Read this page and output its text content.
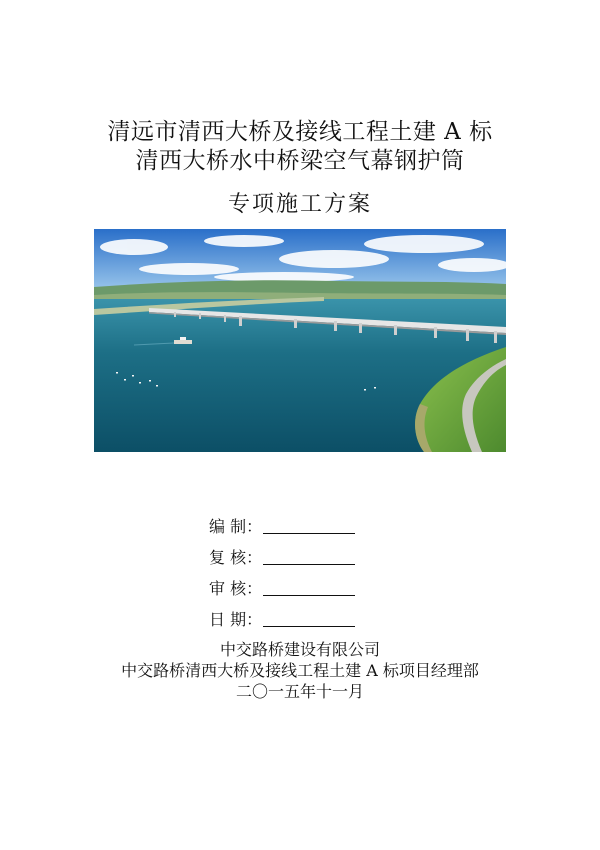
清远市清西大桥及接线工程土建 A 标
清西大桥水中桥梁空气幕钢护筒
专项施工方案
编 制：
复 核：
审 核：
日 期：
中交路桥建设有限公司
中交路桥清西大桥及接线工程土建 A 标项目经理部
二〇一五年十一月
